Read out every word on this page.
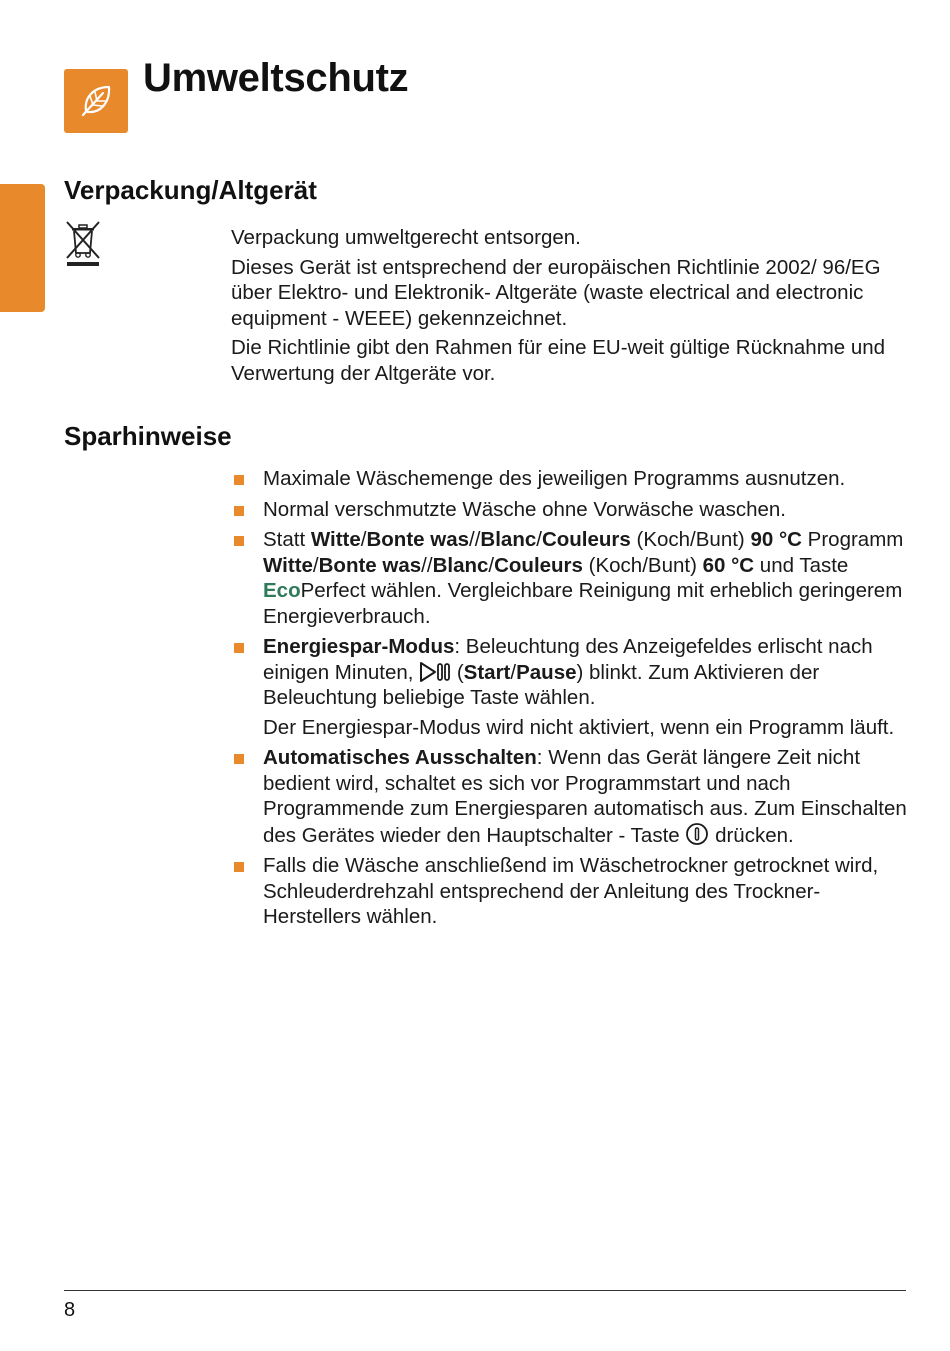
Umweltschutz
Verpackung/Altgerät

Verpackung umweltgerecht entsorgen.

Dieses Gerät ist entsprechend der europäischen Richtlinie 2002/ 96/EG über Elektro- und Elektronik- Altgeräte (waste electrical and electronic equipment - WEEE) gekennzeichnet.

Die Richtlinie gibt den Rahmen für eine EU-weit gültige Rücknahme und Verwertung der Altgeräte vor.

Sparhinweise
Maximale Wäschemenge des jeweiligen Programms ausnutzen.
Normal verschmutzte Wäsche ohne Vorwäsche waschen.
Statt Witte/Bonte was//Blanc/Couleurs (Koch/Bunt) 90 °C Programm Witte/Bonte was//Blanc/Couleurs (Koch/Bunt) 60 °C und Taste EcoPerfect wählen. Vergleichbare Reinigung mit erheblich geringerem Energieverbrauch.

Energiespar-Modus: Beleuchtung des Anzeigefeldes erlischt nach einigen Minuten,  (Start/Pause) blinkt. Zum Aktivieren der Beleuchtung beliebige Taste wählen.

Der Energiespar-Modus wird nicht aktiviert, wenn ein Programm läuft.

Automatisches Ausschalten: Wenn das Gerät längere Zeit nicht bedient wird, schaltet es sich vor Programmstart und nach Programmende zum Energiesparen automatisch aus. Zum Einschalten des Gerätes wieder den Hauptschalter - Taste  drücken.
Falls die Wäsche anschließend im Wäschetrockner getrocknet wird, Schleuderdrehzahl entsprechend der Anleitung des Trockner-Herstellers wählen.
8
